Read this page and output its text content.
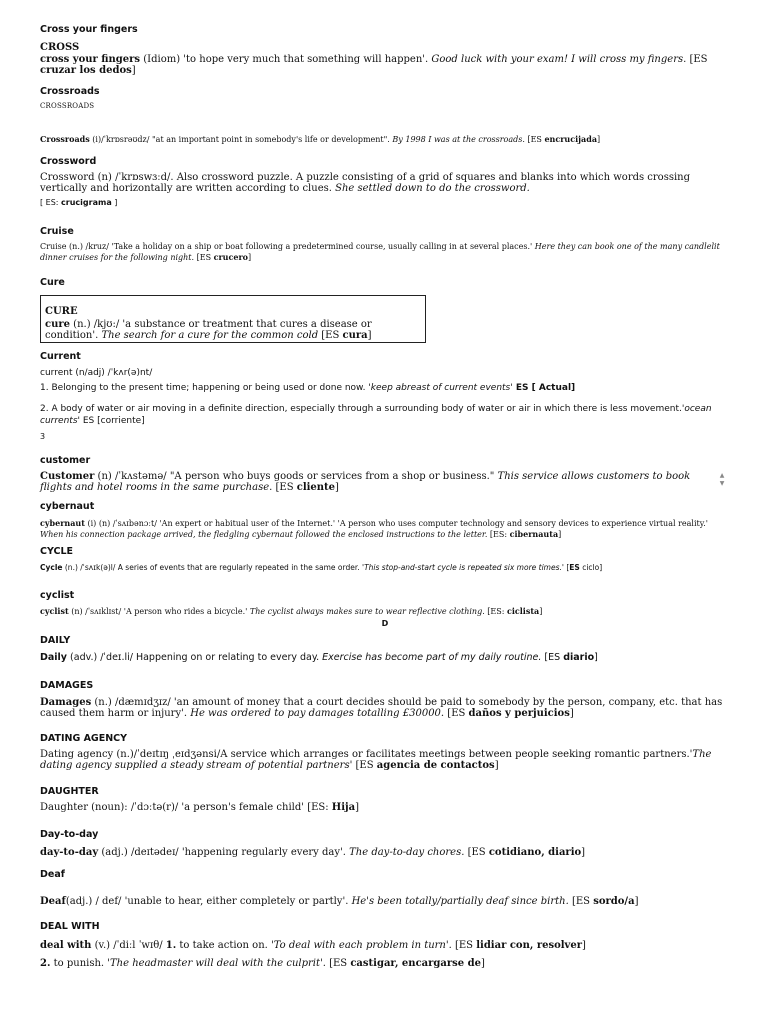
Cross your fingers
CROSS
cross your fingers (Idiom) 'to hope very much that something will happen'. Good luck with your exam! I will cross my fingers. [ES cruzar los dedos]
Crossroads
CROSSROADS
Crossroads (i)/ˈkrɒsrəʊdz/ "at an important point in somebody's life or development". By 1998 I was at the crossroads. [ES encrucijada]
Crossword
Crossword (n) /ˈkrɒswɜːd/. Also crossword puzzle. A puzzle consisting of a grid of squares and blanks into which words crossing vertically and horizontally are written according to clues. She settled down to do the crossword.
[ ES: crucigrama ]
Cruise
Cruise (n.) /kruz/ 'Take a holiday on a ship or boat following a predetermined course, usually calling in at several places.' Here they can book one of the many candlelit dinner cruises for the following night. [ES crucero]
Cure
CURE
cure (n.) /kjʊ:/ 'a substance or treatment that cures a disease or condition'. The search for a cure for the common cold [ES cura]
Current
current (n/adj) /ˈkʌr(ə)nt/
1. Belonging to the present time; happening or being used or done now. 'keep abreast of current events' ES [ Actual]
2. A body of water or air moving in a definite direction, especially through a surrounding body of water or air in which there is less movement.'ocean currents' ES [corriente]
3
customer
Customer (n) /ˈkʌstəmə/ "A person who buys goods or services from a shop or business." This service allows customers to book flights and hotel rooms in the same purchase. [ES cliente]
cybernaut
cybernaut (i) (n) /ˈsʌɪbənɔːt/ 'An expert or habitual user of the Internet.' 'A person who uses computer technology and sensory devices to experience virtual reality.' When his connection package arrived, the fledgling cybernaut followed the enclosed instructions to the letter. [ES: cibernauta]
CYCLE
Cycle (n.) /ˈsʌɪk(ə)l/ A series of events that are regularly repeated in the same order. 'This stop-and-start cycle is repeated six more times.' [ES ciclo]
cyclist
cyclist (n) /ˈsʌɪklɪst/ 'A person who rides a bicycle.' The cyclist always makes sure to wear reflective clothing. [ES: ciclista]
D
DAILY
Daily (adv.) /ˈdeɪ.li/ Happening on or relating to every day. Exercise has become part of my daily routine. [ES diario]
DAMAGES
Damages (n.) /dæmɪdʒɪz/ 'an amount of money that a court decides should be paid to somebody by the person, company, etc. that has caused them harm or injury'. He was ordered to pay damages totalling £30000. [ES daños y perjuicios]
DATING AGENCY
Dating agency (n.)/ˈdeɪtɪŋ ˌeɪdʒənsi/A service which arranges or facilitates meetings between people seeking romantic partners.'The dating agency supplied a steady stream of potential partners' [ES agencia de contactos]
DAUGHTER
Daughter (noun): /ˈdɔːtə(r)/ 'a person's female child' [ES: Hija]
Day-to-day
day-to-day (adj.) /deɪtədeɪ/ 'happening regularly every day'. The day-to-day chores. [ES cotidiano, diario]
Deaf
Deaf(adj.) / def/ 'unable to hear, either completely or partly'. He's been totally/partially deaf since birth. [ES sordo/a]
DEAL WITH
deal with (v.) /ˈdiːl ˈwɪθ/ 1. to take action on. 'To deal with each problem in turn'. [ES lidiar con, resolver]
2. to punish. 'The headmaster will deal with the culprit'. [ES castigar, encargarse de]
▲
▼
